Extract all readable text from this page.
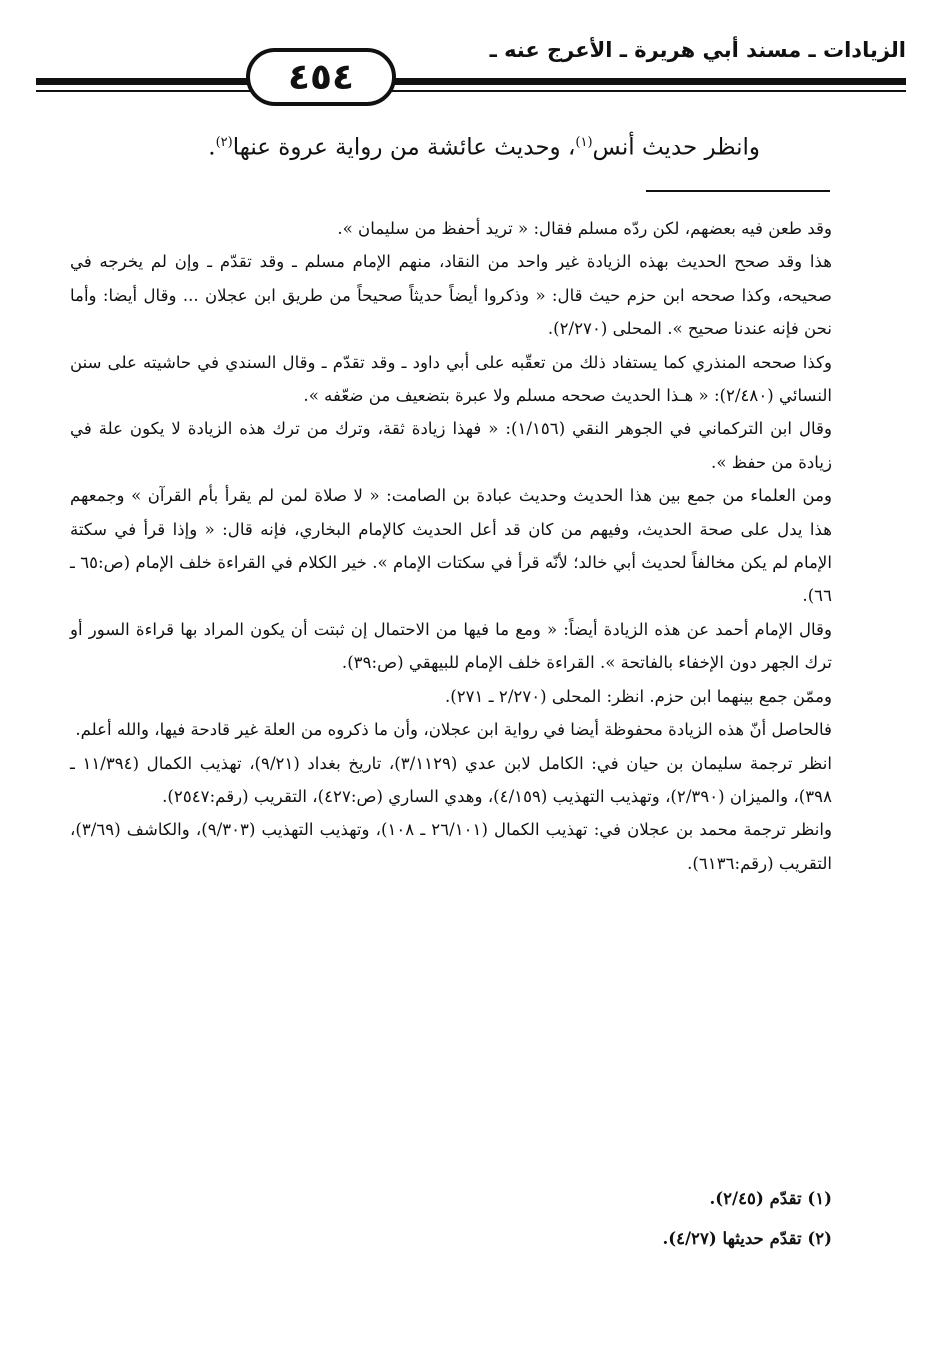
الزيادات ـ مسند أبي هريرة ـ الأعرج عنه ـ
٤٥٤
وانظر حديث أنس$^{(١)}$، وحديث عائشة من رواية عروة عنها$^{(٢)}$.

وقد طعن فيه بعضهم، لكن ردّه مسلم فقال: « تريد أحفظ من سليمان ».

هذا وقد صحح الحديث بهذه الزيادة غير واحد من النقاد، منهم الإمام مسلم ـ وقد تقدّم ـ وإن لم يخرجه في صحيحه، وكذا صححه ابن حزم حيث قال: « وذكروا أيضاً حديثاً صحيحاً من طريق ابن عجلان ... وقال أيضا: وأما نحن فإنه عندنا صحيح ». المحلى (٢/٢٧٠).

وكذا صححه المنذري كما يستفاد ذلك من تعقّبه على أبي داود ـ وقد تقدّم ـ وقال السندي في حاشيته على سنن النسائي (٢/٤٨٠): « هـذا الحديث صححه مسلم ولا عبرة بتضعيف من ضعّفه ».

وقال ابن التركماني في الجوهر النقي (١/١٥٦): « فهذا زيادة ثقة، وترك من ترك هذه الزيادة لا يكون علة في زيادة من حفظ ».

ومن العلماء من جمع بين هذا الحديث وحديث عبادة بن الصامت: « لا صلاة لمن لم يقرأ بأم القرآن » وجمعهم هذا يدل على صحة الحديث، وفيهم من كان قد أعل الحديث كالإمام البخاري، فإنه قال: « وإذا قرأ في سكتة الإمام لم يكن مخالفاً لحديث أبي خالد؛ لأنّه قرأ في سكتات الإمام ». خير الكلام في القراءة خلف الإمام (ص:٦٥ ـ ٦٦).

وقال الإمام أحمد عن هذه الزيادة أيضاً: « ومع ما فيها من الاحتمال إن ثبتت أن يكون المراد بها قراءة السور أو ترك الجهر دون الإخفاء بالفاتحة ». القراءة خلف الإمام للبيهقي (ص:٣٩).

وممّن جمع بينهما ابن حزم. انظر: المحلى (٢/٢٧٠ ـ ٢٧١).

فالحاصل أنّ هذه الزيادة محفوظة أيضا في رواية ابن عجلان، وأن ما ذكروه من العلة غير قادحة فيها، والله أعلم.

انظر ترجمة سليمان بن حيان في: الكامل لابن عدي (٣/١١٢٩)، تاريخ بغداد (٩/٢١)، تهذيب الكمال (١١/٣٩٤ ـ ٣٩٨)، والميزان (٢/٣٩٠)، وتهذيب التهذيب (٤/١٥٩)، وهدي الساري (ص:٤٢٧)، التقريب (رقم:٢٥٤٧).

وانظر ترجمة محمد بن عجلان في: تهذيب الكمال (٢٦/١٠١ ـ ١٠٨)، وتهذيب التهذيب (٩/٣٠٣)، والكاشف (٣/٦٩)، التقريب (رقم:٦١٣٦).

(١) تقدّم (٢/٤٥).

(٢) تقدّم حديثها (٤/٢٧).
